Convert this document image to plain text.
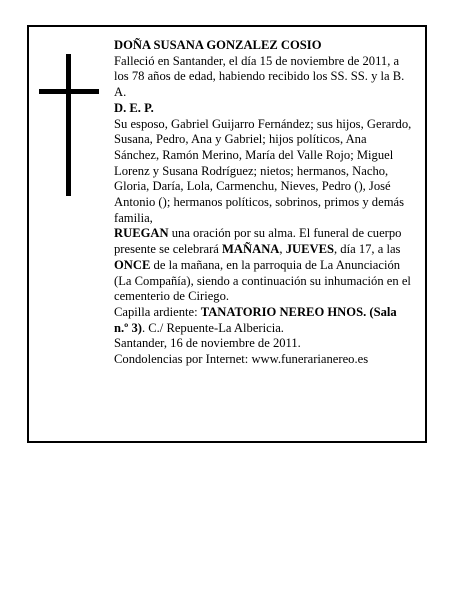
DOÑA SUSANA GONZALEZ COSIO

Falleció en Santander, el día 15 de noviembre de 2011, a los 78 años de edad, habiendo recibido los SS. SS. y la B. A.

D. E. P.

Su esposo, Gabriel Guijarro Fernández; sus hijos, Gerardo, Susana, Pedro, Ana y Gabriel; hijos políticos, Ana Sánchez, Ramón Merino, María del Valle Rojo; Miguel Lorenz y Susana Rodríguez; nietos; hermanos, Nacho, Gloria, Daría, Lola, Carmenchu, Nieves, Pedro (), José Antonio (); hermanos políticos, sobrinos, primos y demás familia,

RUEGAN una oración por su alma. El funeral de cuerpo presente se celebrará MAÑANA, JUEVES, día 17, a las ONCE de la mañana, en la parroquia de La Anunciación (La Compañía), siendo a continuación su inhumación en el cementerio de Ciriego.

Capilla ardiente: TANATORIO NEREO HNOS. (Sala n.º 3). C./ Repuente-La Albericia.

Santander, 16 de noviembre de 2011.

Condolencias por Internet: www.funerarianereo.es
